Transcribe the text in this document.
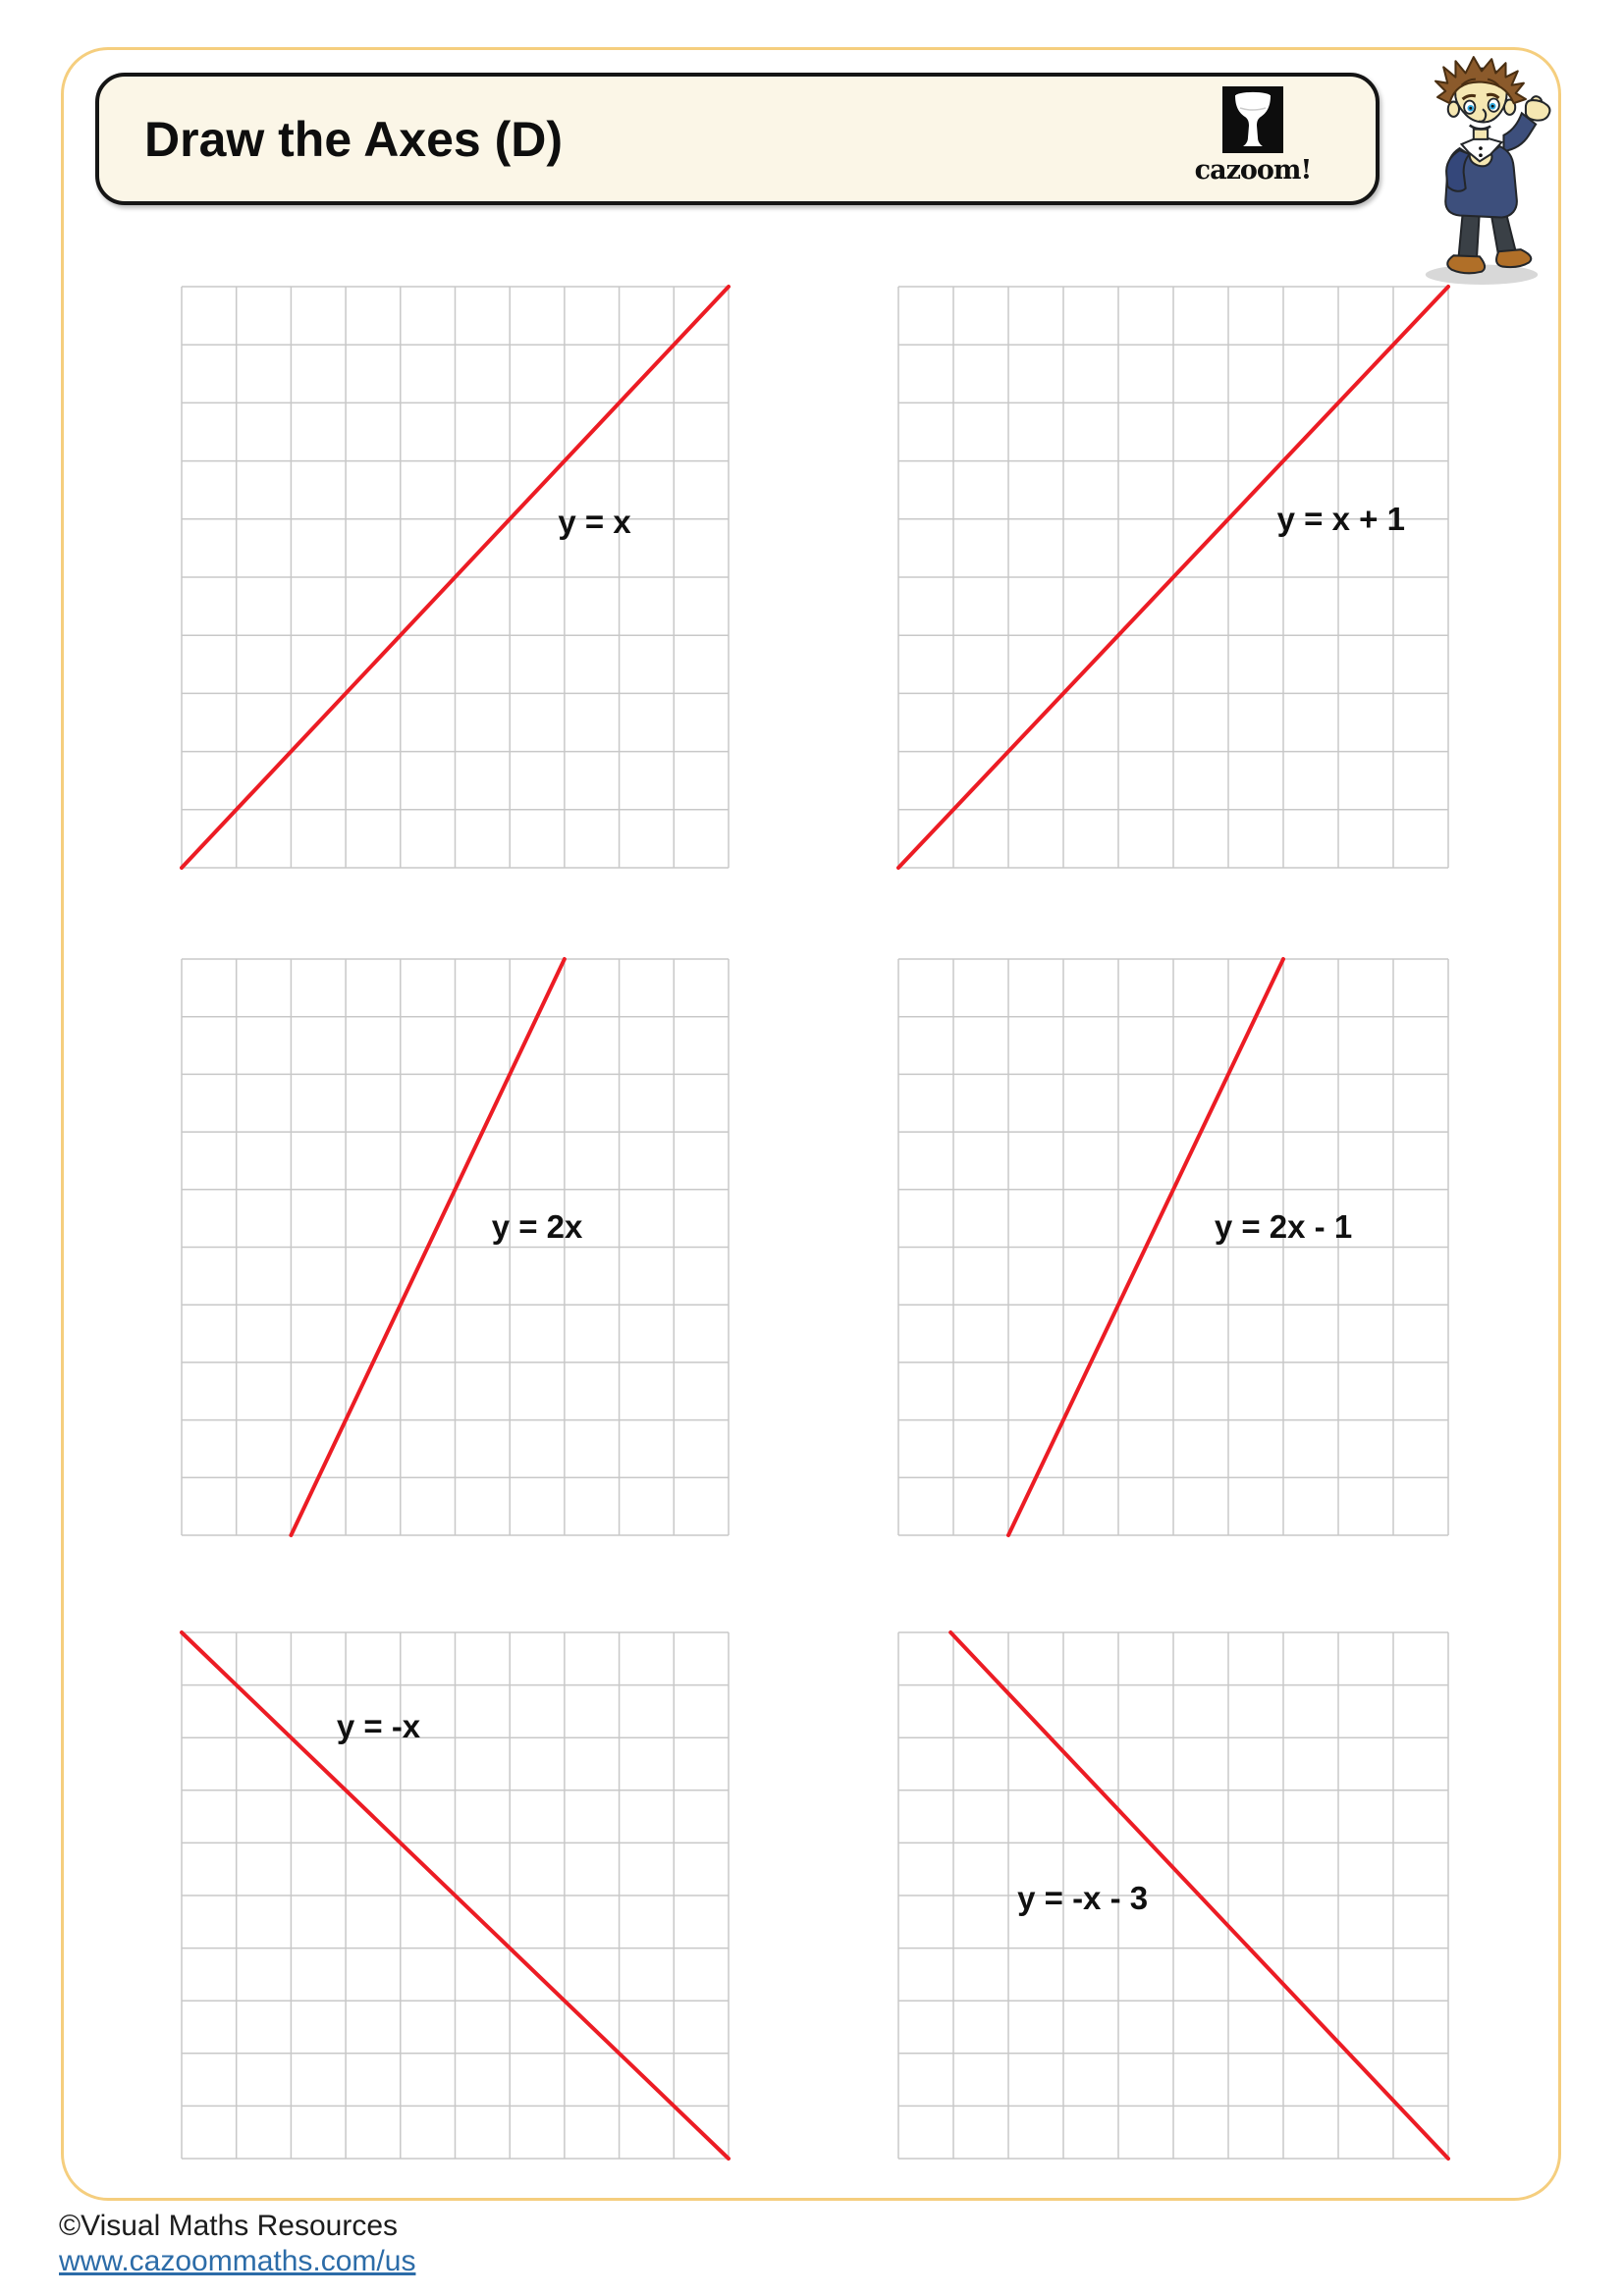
Draw the Axes (D)
cazoom!
y = x	y = x + 1
y = 2x	y = 2x - 1
y = -x
y = -x - 3
©Visual Maths Resources
www.cazoommaths.com/us
